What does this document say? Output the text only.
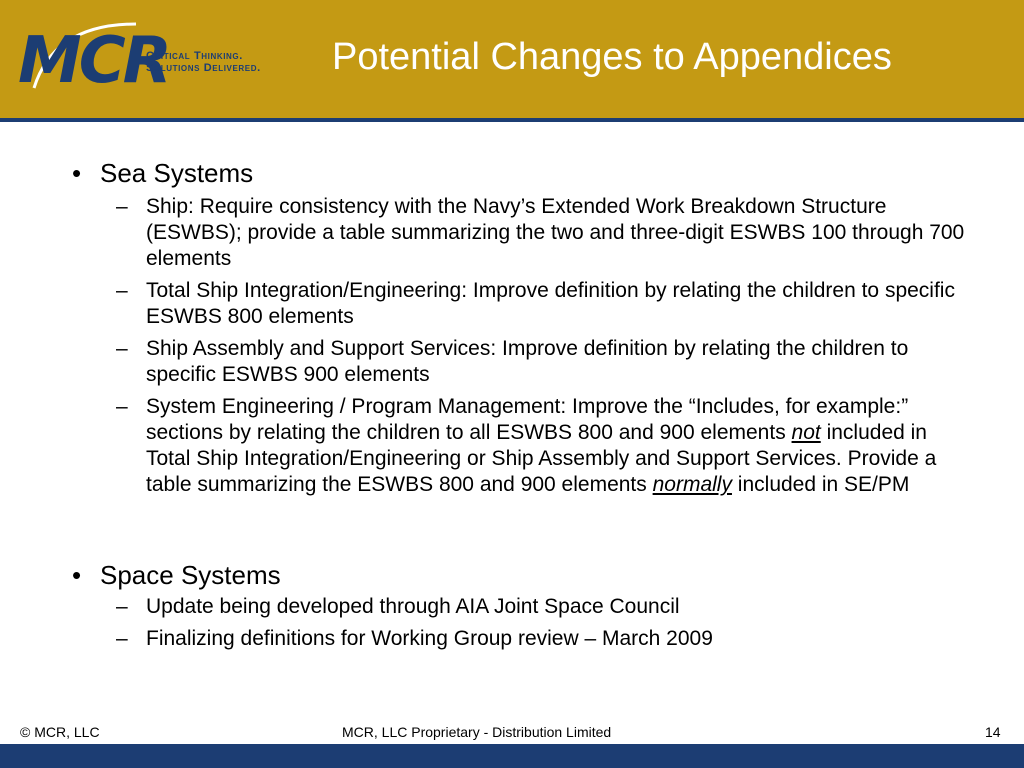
MCR
Critical Thinking.
Solutions Delivered. Potential Changes to Appendices
• Sea Systems
– Ship: Require consistency with the Navy’s Extended Work Breakdown Structure (ESWBS); provide a table summarizing the two and three-digit ESWBS 100 through 700 elements
– Total Ship Integration/Engineering: Improve definition by relating the children to specific ESWBS 800 elements
– Ship Assembly and Support Services: Improve definition by relating the children to specific ESWBS 900 elements
– System Engineering / Program Management: Improve the “Includes, for example:” sections by relating the children to all ESWBS 800 and 900 elements not included in Total Ship Integration/Engineering or Ship Assembly and Support Services. Provide a table summarizing the ESWBS 800 and 900 elements normally included in SE/PM
• Space Systems
– Update being developed through AIA Joint Space Council
– Finalizing definitions for Working Group review – March 2009
© MCR, LLC	MCR, LLC Proprietary - Distribution Limited	14
